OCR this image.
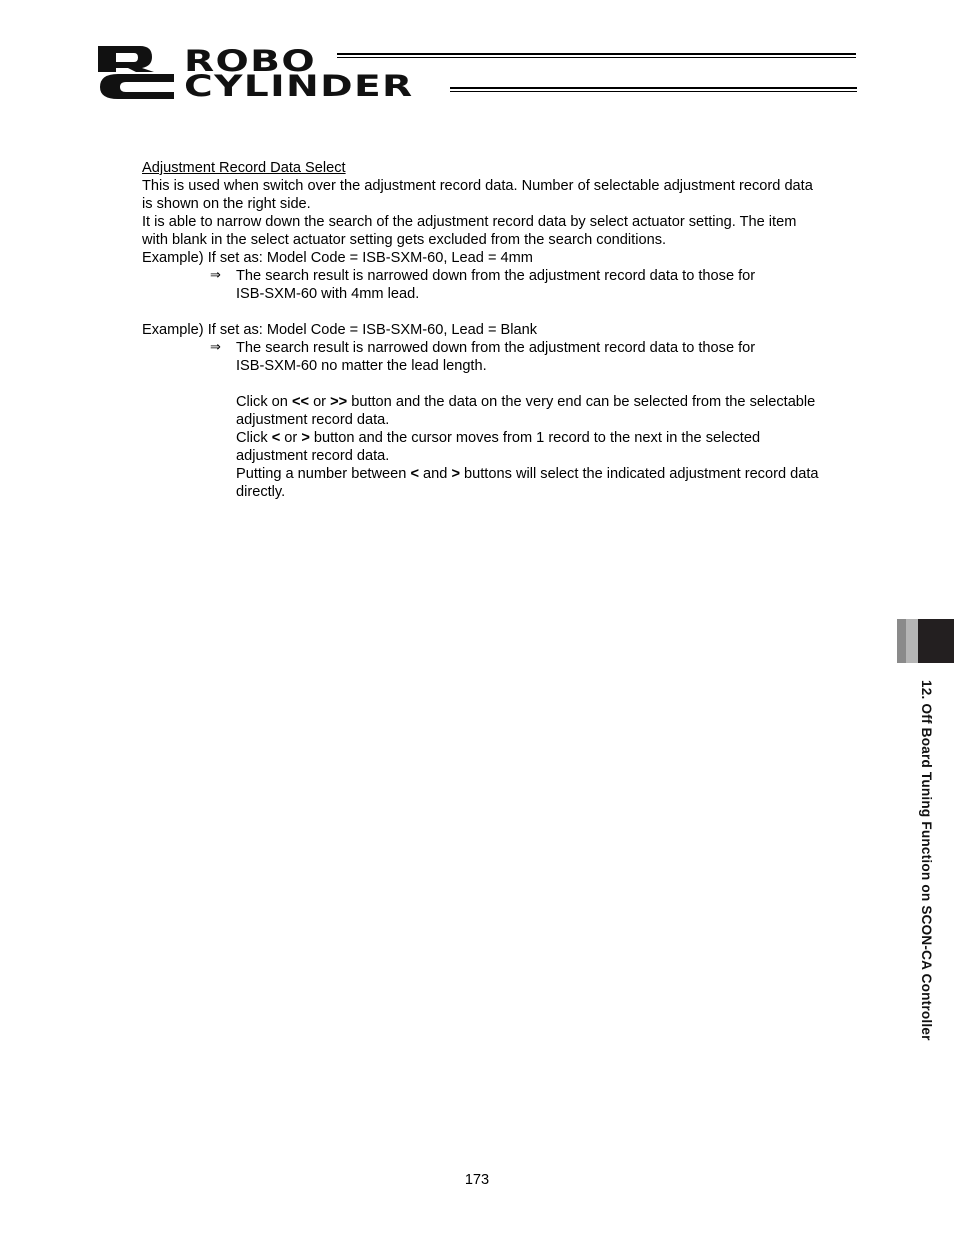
ROBO
CYLINDER

Adjustment Record Data Select

This is used when switch over the adjustment record data. Number of selectable adjustment record data

is shown on the right side.

It is able to narrow down the search of the adjustment record data by select actuator setting. The item

with blank in the select actuator setting gets excluded from the search conditions.

Example) If set as: Model Code = ISB-SXM-60, Lead = 4mm

⇒ The search result is narrowed down from the adjustment record data to those for

ISB-SXM-60 with 4mm lead.

Example) If set as: Model Code = ISB-SXM-60, Lead = Blank

⇒ The search result is narrowed down from the adjustment record data to those for

ISB-SXM-60 no matter the lead length.

Click on << or >> button and the data on the very end can be selected from the selectable

adjustment record data.

Click < or > button and the cursor moves from 1 record to the next in the selected

adjustment record data.

Putting a number between < and > buttons will select the indicated adjustment record data

directly.

12. Off Board Tuning Function on SCON-CA Controller
173
